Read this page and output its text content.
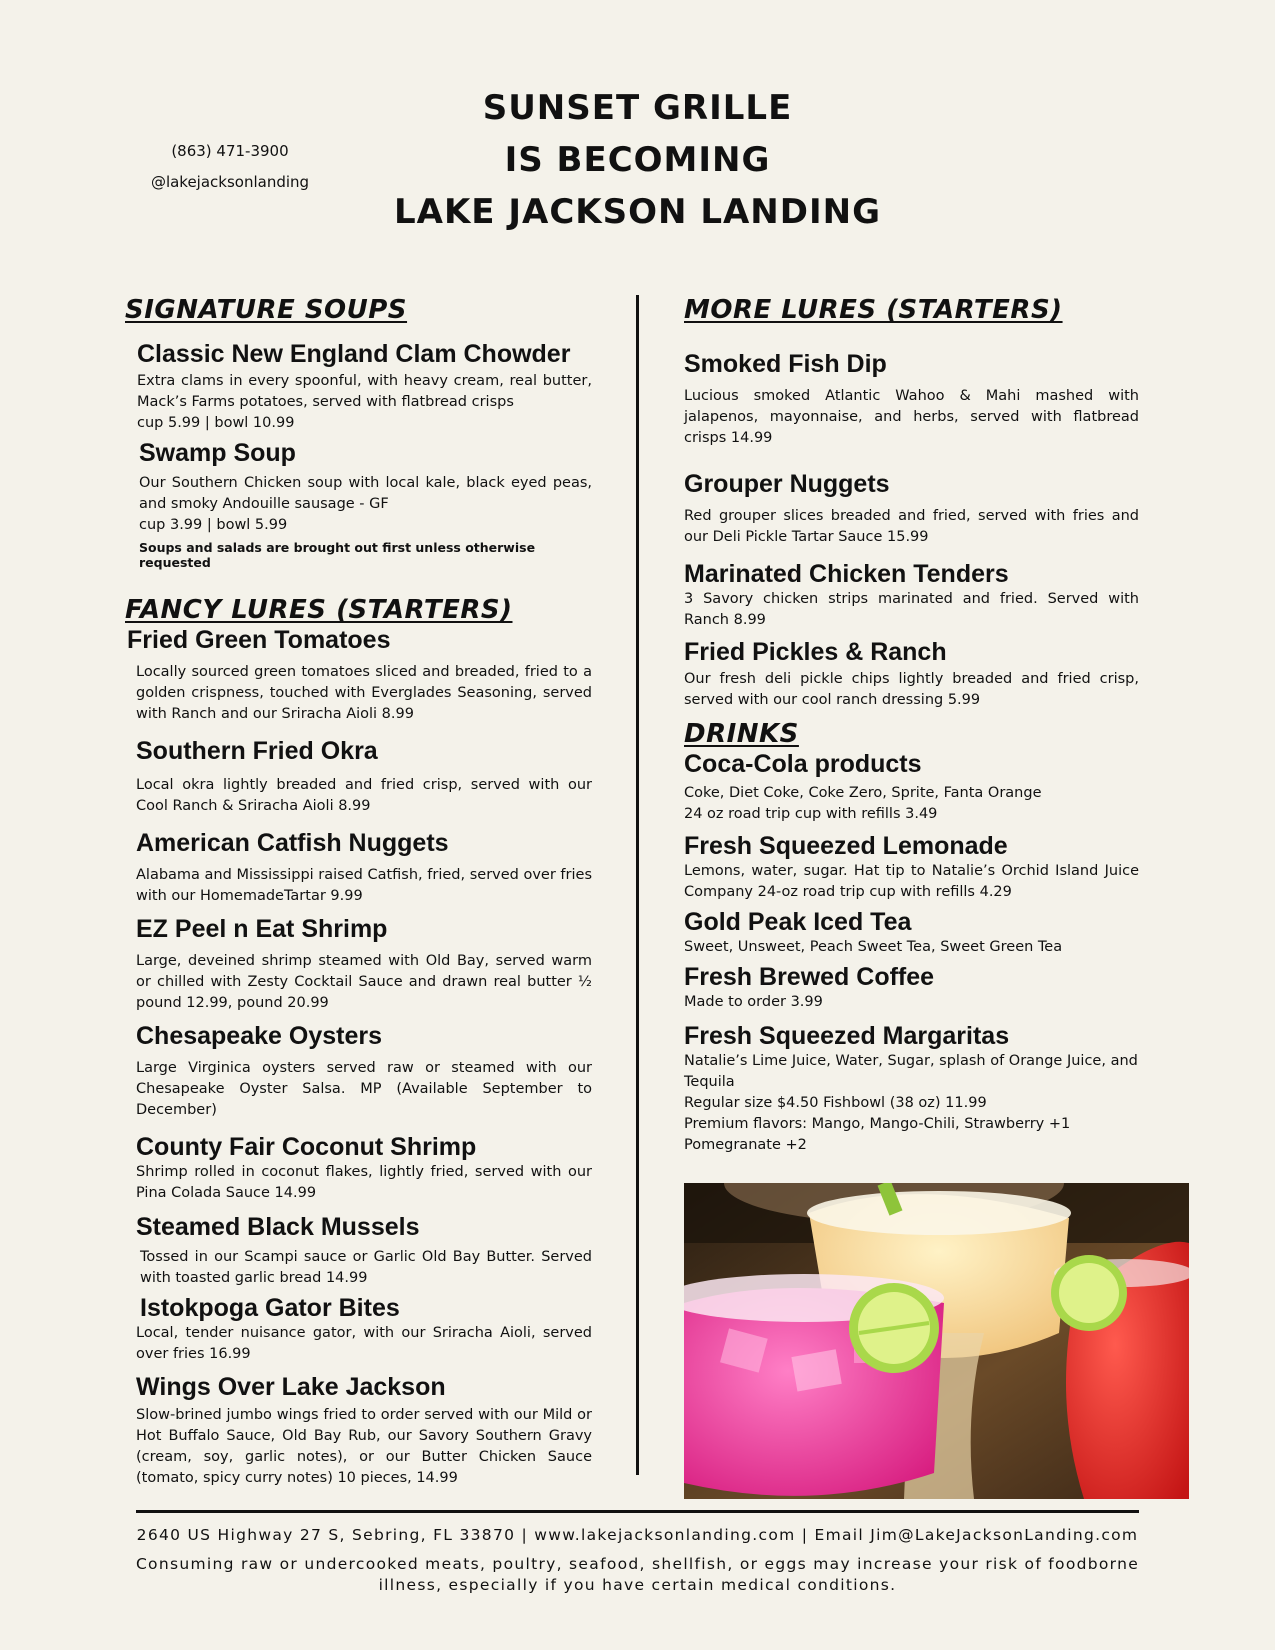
(863) 471-3900
@lakejacksonlanding
SUNSET GRILLE
IS BECOMING
LAKE JACKSON LANDING
SIGNATURE SOUPS
Classic New England Clam Chowder
Extra clams in every spoonful, with heavy cream, real butter, Mack’s Farms potatoes, served with flatbread crisps
cup 5.99 | bowl 10.99
Swamp Soup
Our Southern Chicken soup with local kale, black eyed peas, and smoky Andouille sausage - GF
cup 3.99 | bowl 5.99
Soups and salads are brought out first unless otherwise requested
FANCY LURES (STARTERS)
Fried Green Tomatoes
Locally sourced green tomatoes sliced and breaded, fried to a golden crispness, touched with Everglades Seasoning, served with Ranch and our Sriracha Aioli 8.99
Southern Fried Okra
Local okra lightly breaded and fried crisp, served with our Cool Ranch & Sriracha Aioli 8.99
American Catfish Nuggets
Alabama and Mississippi raised Catfish, fried, served over fries with our HomemadeTartar 9.99
EZ Peel n Eat Shrimp
Large, deveined shrimp steamed with Old Bay, served warm or chilled with Zesty Cocktail Sauce and drawn real butter ½ pound 12.99, pound 20.99
Chesapeake Oysters
Large Virginica oysters served raw or steamed with our Chesapeake Oyster Salsa. MP (Available September to December)
County Fair Coconut Shrimp
Shrimp rolled in coconut flakes, lightly fried, served with our Pina Colada Sauce 14.99
Steamed Black Mussels
Tossed in our Scampi sauce or Garlic Old Bay Butter. Served with toasted garlic bread 14.99
Istokpoga Gator Bites
Local, tender nuisance gator, with our Sriracha Aioli, served over fries 16.99
Wings Over Lake Jackson
Slow-brined jumbo wings fried to order served with our Mild or Hot Buffalo Sauce, Old Bay Rub, our Savory Southern Gravy (cream, soy, garlic notes), or our Butter Chicken Sauce (tomato, spicy curry notes) 10 pieces, 14.99
MORE LURES (STARTERS)
Smoked Fish Dip
Lucious smoked Atlantic Wahoo & Mahi mashed with jalapenos, mayonnaise, and herbs, served with flatbread crisps 14.99
Grouper Nuggets
Red grouper slices breaded and fried, served with fries and our Deli Pickle Tartar Sauce 15.99
Marinated Chicken Tenders
3 Savory chicken strips marinated and fried. Served with Ranch 8.99
Fried Pickles & Ranch
Our fresh deli pickle chips lightly breaded and fried crisp, served with our cool ranch dressing 5.99
DRINKS
Coca-Cola products
Coke, Diet Coke, Coke Zero, Sprite, Fanta Orange
24 oz road trip cup with refills 3.49
Fresh Squeezed Lemonade
Lemons, water, sugar. Hat tip to Natalie’s Orchid Island Juice Company 24-oz road trip cup with refills 4.29
Gold Peak Iced Tea
Sweet, Unsweet, Peach Sweet Tea, Sweet Green Tea
Fresh Brewed Coffee
Made to order 3.99
Fresh Squeezed Margaritas
Natalie’s Lime Juice, Water, Sugar, splash of Orange Juice, and Tequila
Regular size $4.50 Fishbowl (38 oz) 11.99
Premium flavors: Mango, Mango-Chili, Strawberry +1 Pomegranate +2
2640 US Highway 27 S, Sebring, FL 33870 | www.lakejacksonlanding.com | Email Jim@LakeJacksonLanding.com
Consuming raw or undercooked meats, poultry, seafood, shellfish, or eggs may increase your risk of foodborne illness, especially if you have certain medical conditions.
